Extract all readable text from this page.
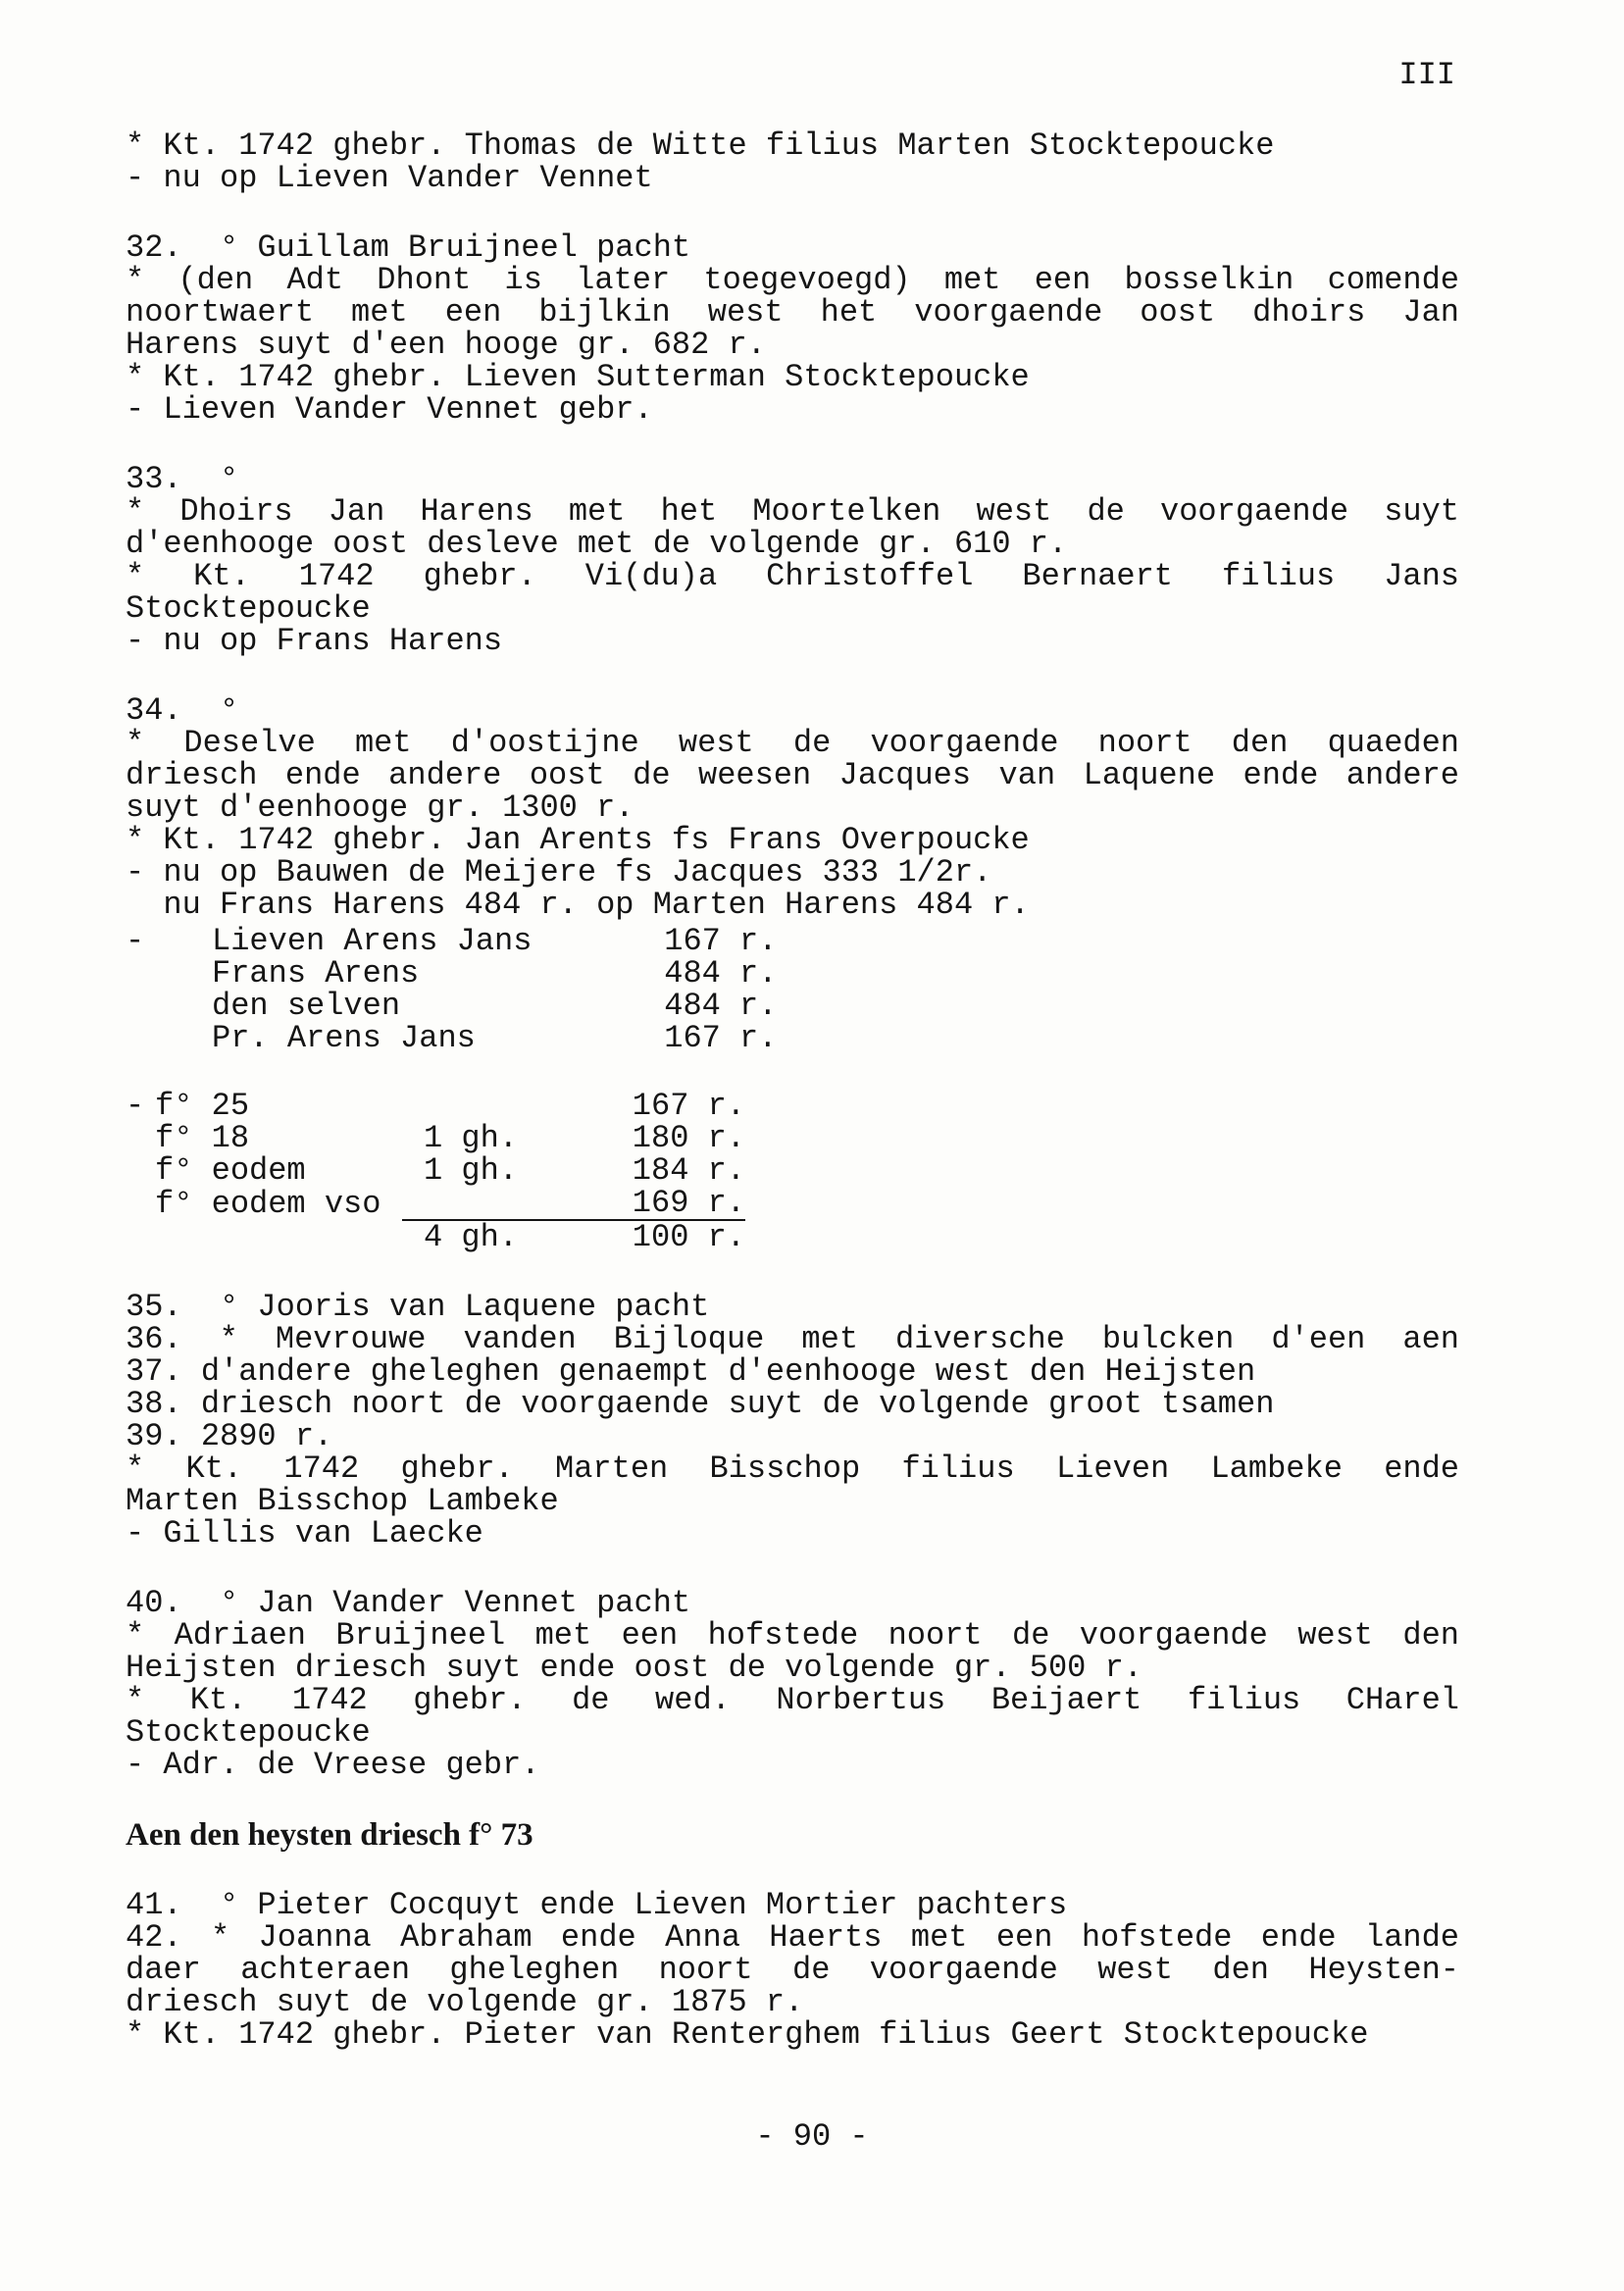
III
* Kt. 1742 ghebr. Thomas de Witte filius Marten Stocktepoucke
- nu op Lieven Vander Vennet
32.  ° Guillam Bruijneel pacht
* (den Adt Dhont is later toegevoegd) met een bosselkin comende
noortwaert met een bijlkin west het voorgaende oost dhoirs Jan
Harens suyt d'een hooge gr. 682 r.
* Kt. 1742 ghebr. Lieven Sutterman Stocktepoucke
- Lieven Vander Vennet gebr.
33.  °
* Dhoirs Jan Harens met het Moortelken west de voorgaende suyt
d'eenhooge oost desleve met de volgende gr. 610 r.
* Kt. 1742 ghebr. Vi(du)a Christoffel Bernaert filius Jans
Stocktepoucke
- nu op Frans Harens
34.  °
* Deselve met d'oostijne west de voorgaende noort den quaeden
driesch ende andere oost de weesen Jacques van Laquene ende andere
suyt d'eenhooge gr. 1300 r.
* Kt. 1742 ghebr. Jan Arents fs Frans Overpoucke
- nu op Bauwen de Meijere fs Jacques 333 1/2r.
nu Frans Harens 484 r. op Marten Harens 484 r.
-	Lieven Arens Jans	167 r.
	Frans Arens	484 r.
	den selven	484 r.
	Pr. Arens Jans	167 r.
-	f° 25		167 r.
	f° 18	1 gh.	180 r.
	f° eodem	1 gh.	184 r.
	f° eodem vso		169 r.
		4 gh.	100 r.
35.  ° Jooris van Laquene pacht
36. * Mevrouwe vanden Bijloque met diversche bulcken d'een aen
37. d'andere gheleghen genaempt d'eenhooge west den Heijsten
38. driesch noort de voorgaende suyt de volgende groot tsamen
39. 2890 r.
* Kt. 1742 ghebr. Marten Bisschop filius Lieven Lambeke ende
Marten Bisschop Lambeke
- Gillis van Laecke
40.  ° Jan Vander Vennet pacht
* Adriaen Bruijneel met een hofstede noort de voorgaende west den
Heijsten driesch suyt ende oost de volgende gr. 500 r.
* Kt. 1742 ghebr. de wed. Norbertus Beijaert filius CHarel
Stocktepoucke
- Adr. de Vreese gebr.
Aen den heysten driesch f° 73
41.  ° Pieter Cocquyt ende Lieven Mortier pachters
42. * Joanna Abraham ende Anna Haerts met een hofstede ende lande
daer achteraen gheleghen noort de voorgaende west den Heysten-
driesch suyt de volgende gr. 1875 r.
* Kt. 1742 ghebr. Pieter van Renterghem filius Geert Stocktepoucke
- 90 -
